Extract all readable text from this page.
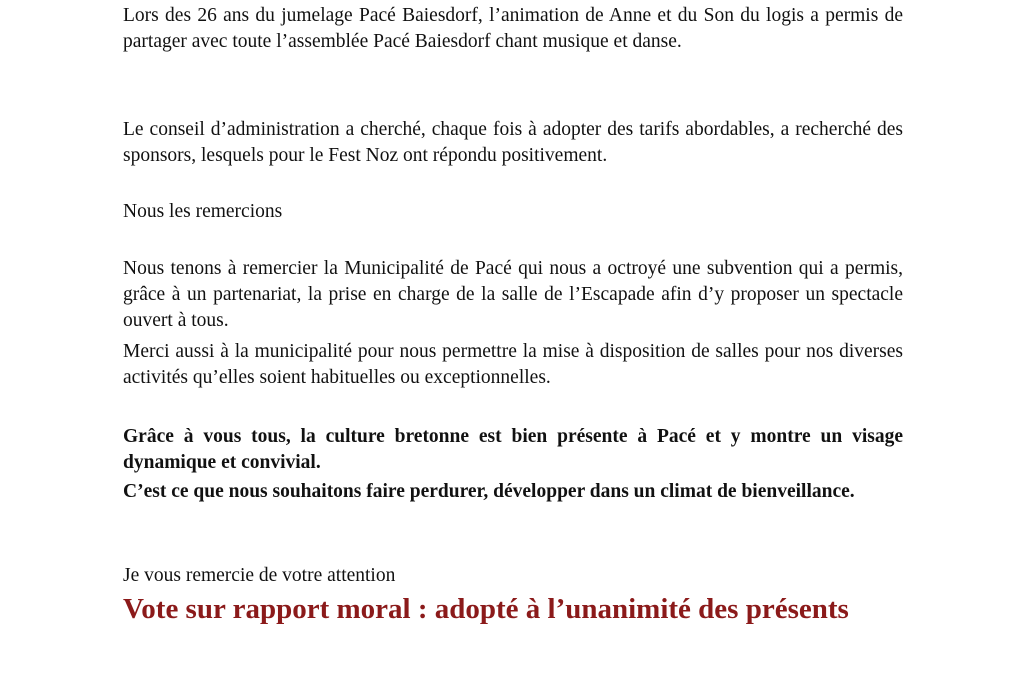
Lors des 26 ans du jumelage Pacé Baiesdorf, l’animation de Anne et du Son du logis a permis de partager avec toute l’assemblée Pacé Baiesdorf chant musique et danse.

Le conseil d’administration a cherché, chaque fois à adopter des tarifs abordables, a recherché des sponsors, lesquels pour le Fest Noz ont répondu positivement.

Nous les remercions

Nous tenons à remercier la Municipalité de Pacé qui nous a octroyé une subvention qui a permis, grâce à un partenariat, la prise en charge de la salle de l’Escapade afin d’y proposer un spectacle ouvert à tous.

Merci aussi à la municipalité pour nous permettre la mise à disposition de salles pour nos diverses activités qu’elles soient habituelles ou exceptionnelles.

Grâce à vous tous, la culture bretonne est bien présente à Pacé et y montre un visage dynamique et convivial.

C’est ce que nous souhaitons faire perdurer, développer dans un climat de bienveillance.

Je vous remercie de votre attention

Vote sur rapport moral : adopté à l’unanimité des présents
